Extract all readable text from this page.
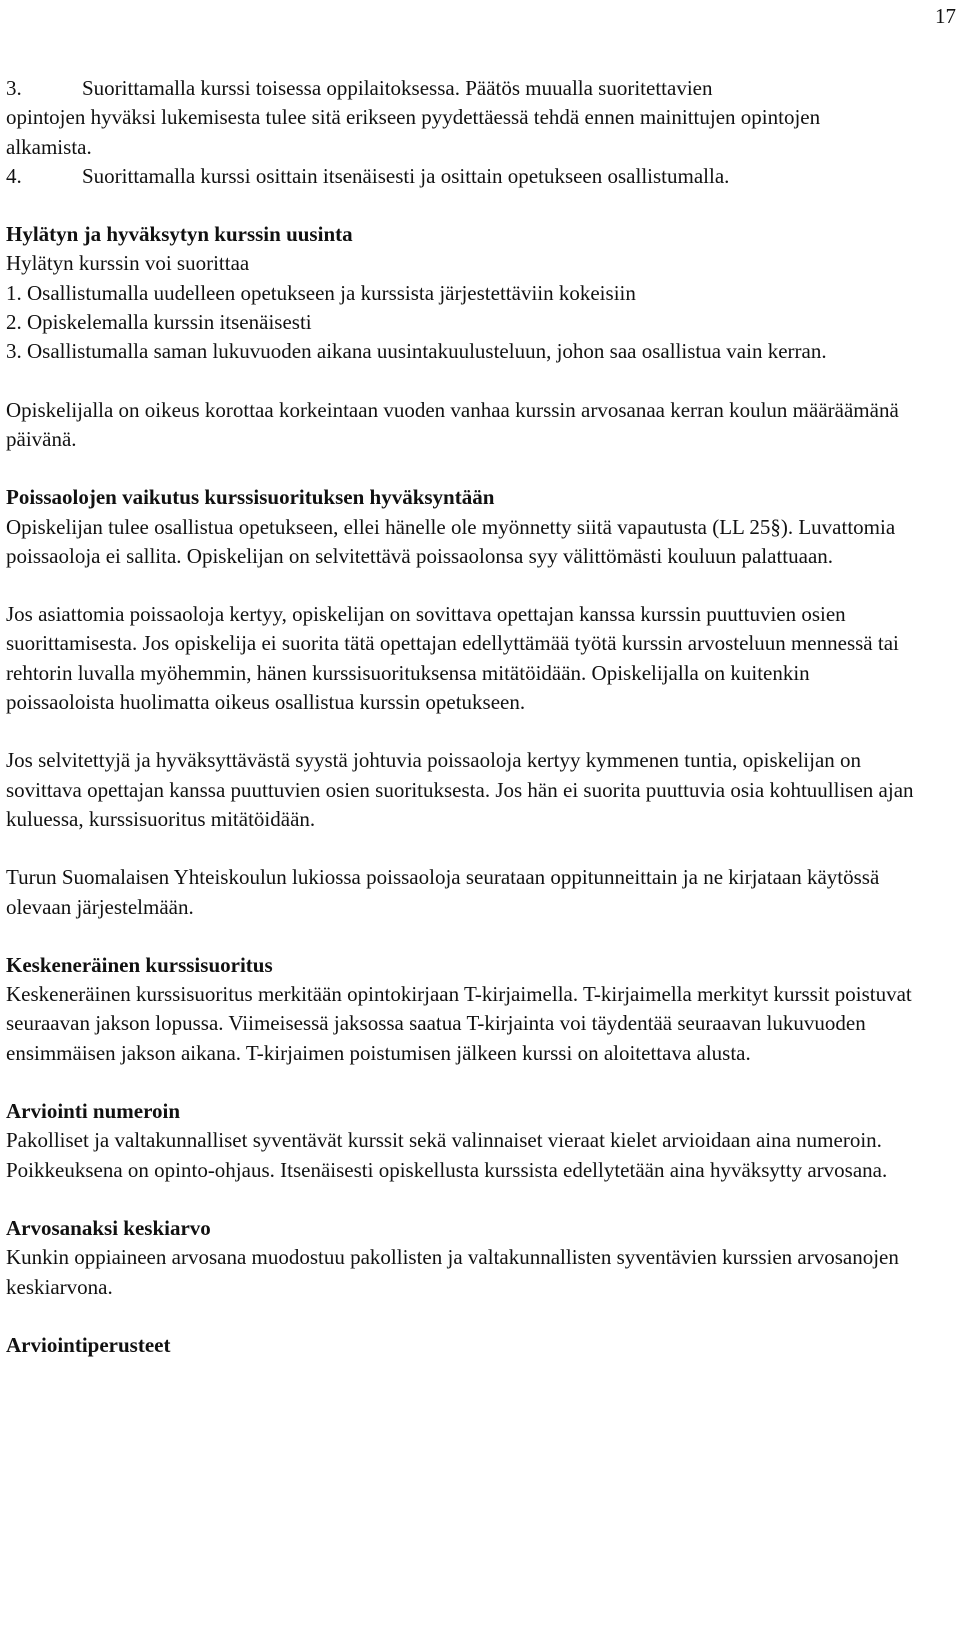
17
3.	Suorittamalla kurssi toisessa oppilaitoksessa. Päätös muualla suoritettavien

opintojen hyväksi lukemisesta tulee sitä erikseen pyydettäessä tehdä ennen mainittujen opintojen alkamista.

4.	Suorittamalla kurssi osittain itsenäisesti ja osittain opetukseen osallistumalla.
Hylätyn ja hyväksytyn kurssin uusinta

Hylätyn kurssin voi suorittaa

1. Osallistumalla uudelleen opetukseen ja kurssista järjestettäviin kokeisiin

2. Opiskelemalla kurssin itsenäisesti

3. Osallistumalla saman lukuvuoden aikana uusintakuulusteluun, johon saa osallistua vain kerran.

Opiskelijalla on oikeus korottaa korkeintaan vuoden vanhaa kurssin arvosanaa kerran koulun määräämänä päivänä.

Poissaolojen vaikutus kurssisuorituksen hyväksyntään

Opiskelijan tulee osallistua opetukseen, ellei hänelle ole myönnetty siitä vapautusta (LL 25§). Luvattomia poissaoloja ei sallita. Opiskelijan on selvitettävä poissaolonsa syy välittömästi kouluun palattuaan.

Jos asiattomia poissaoloja kertyy, opiskelijan on sovittava opettajan kanssa kurssin puuttuvien osien suorittamisesta. Jos opiskelija ei suorita tätä opettajan edellyttämää työtä kurssin arvosteluun mennessä tai rehtorin luvalla myöhemmin, hänen kurssisuorituksensa mitätöidään. Opiskelijalla on kuitenkin poissaoloista huolimatta oikeus osallistua kurssin opetukseen.

Jos selvitettyjä ja hyväksyttävästä syystä johtuvia poissaoloja kertyy kymmenen tuntia, opiskelijan on sovittava opettajan kanssa puuttuvien osien suorituksesta. Jos hän ei suorita puuttuvia osia kohtuullisen ajan kuluessa, kurssisuoritus mitätöidään.

Turun Suomalaisen Yhteiskoulun lukiossa poissaoloja seurataan oppitunneittain ja ne kirjataan käytössä olevaan järjestelmään.

Keskeneräinen kurssisuoritus

Keskeneräinen kurssisuoritus merkitään opintokirjaan T-kirjaimella. T-kirjaimella merkityt kurssit poistuvat seuraavan jakson lopussa. Viimeisessä jaksossa saatua T-kirjainta voi täydentää seuraavan lukuvuoden ensimmäisen jakson aikana. T-kirjaimen poistumisen jälkeen kurssi on aloitettava alusta.

Arviointi numeroin

Pakolliset ja valtakunnalliset syventävät kurssit sekä valinnaiset vieraat kielet arvioidaan aina numeroin. Poikkeuksena on opinto-ohjaus. Itsenäisesti opiskellusta kurssista edellytetään aina hyväksytty arvosana.

Arvosanaksi keskiarvo

Kunkin oppiaineen arvosana muodostuu pakollisten ja valtakunnallisten syventävien kurssien arvosanojen keskiarvona.

Arviointiperusteet
